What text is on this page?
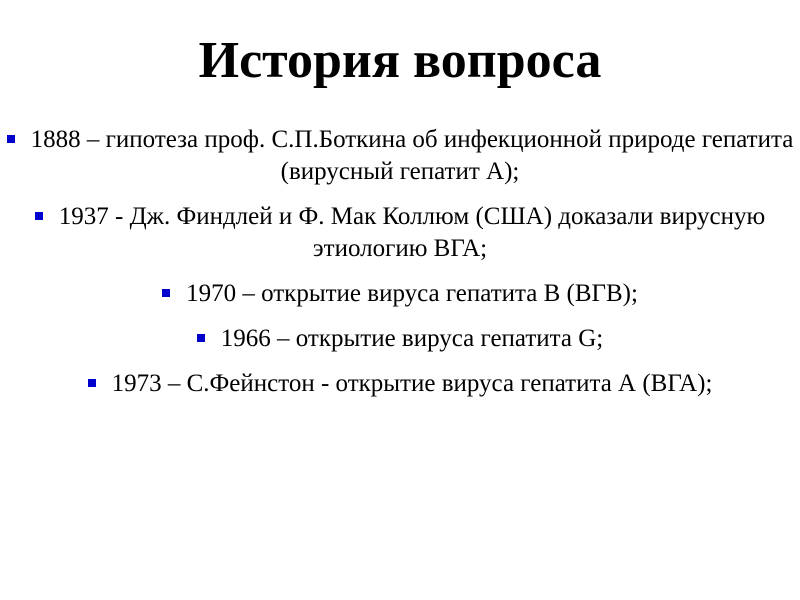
История вопроса
1888 – гипотеза проф. С.П.Боткина об инфекционной природе гепатита (вирусный гепатит А);
1937 - Дж. Финдлей и Ф. Мак Коллюм (США) доказали вирусную этиологию ВГА;
1970 – открытие вируса гепатита В (ВГВ);
1966 – открытие вируса гепатита G;
1973 – С.Фейнстон - открытие вируса гепатита А (ВГА);
